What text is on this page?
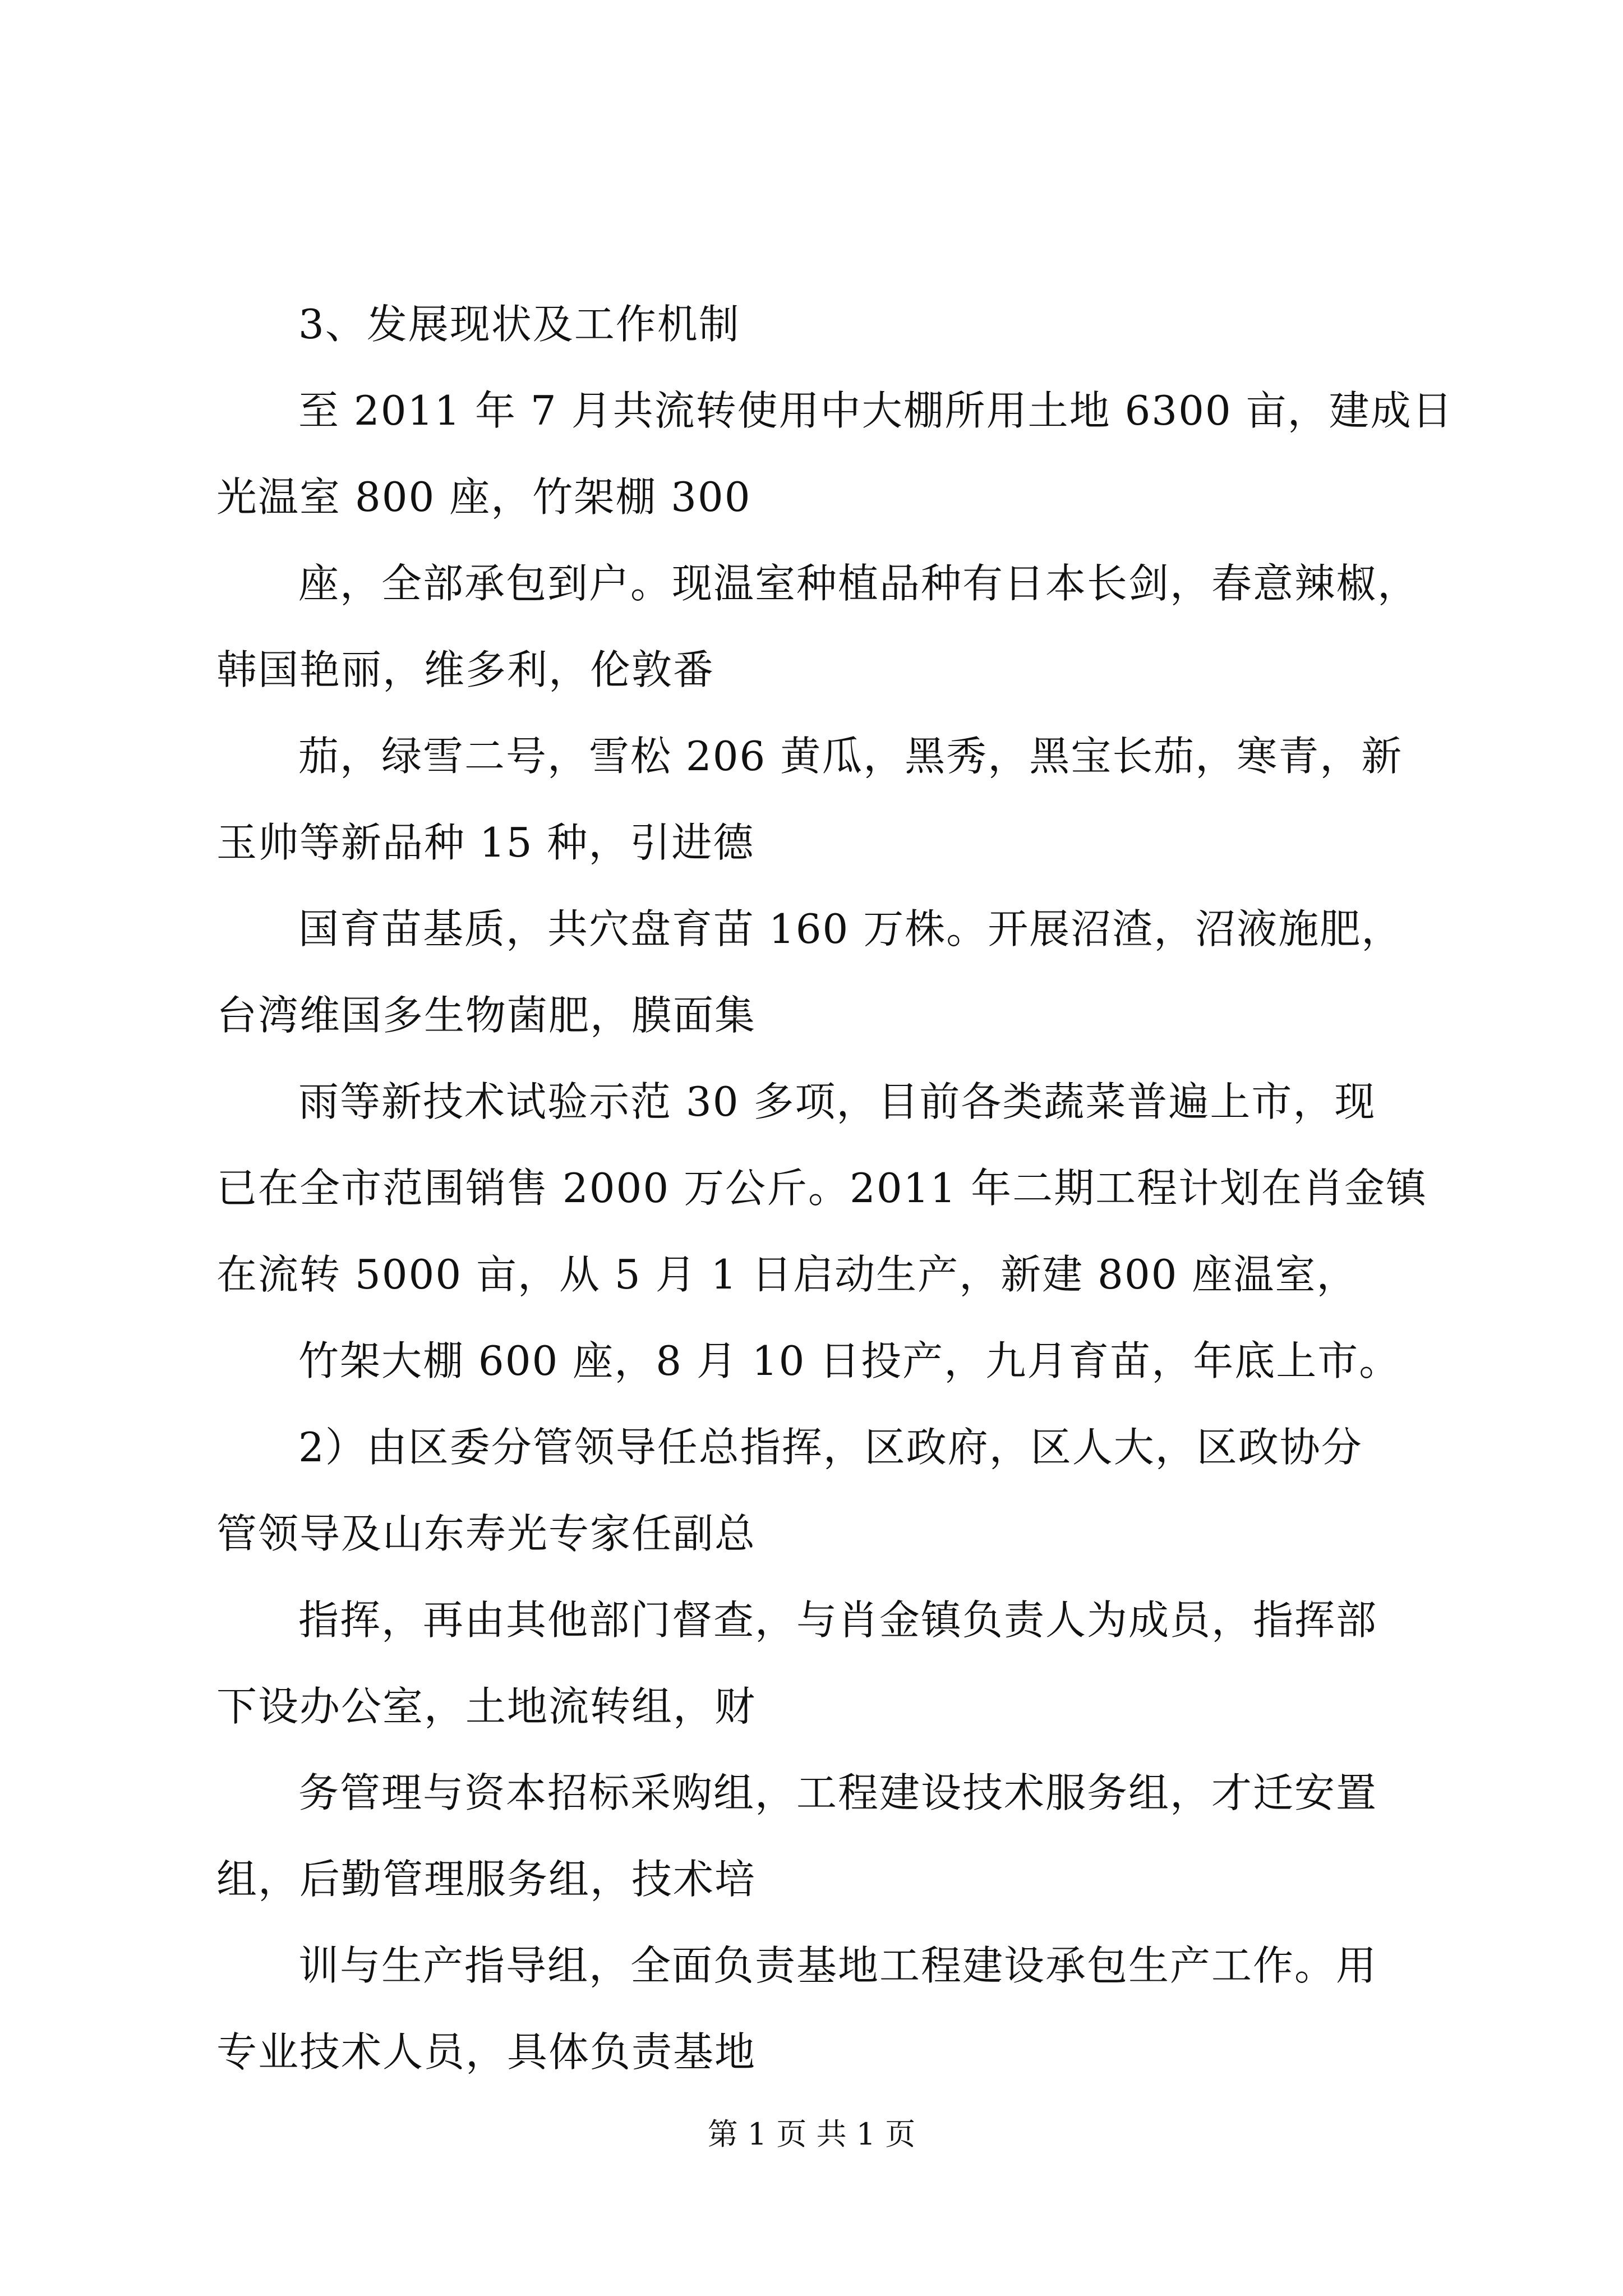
3、发展现状及工作机制
至 2011 年 7 月共流转使用中大棚所用土地 6300 亩，建成日
光温室 800 座，竹架棚 300
座，全部承包到户。现温室种植品种有日本长剑，春意辣椒，
韩国艳丽，维多利，伦敦番
茄，绿雪二号，雪松 206 黄瓜，黑秀，黑宝长茄，寒青，新
玉帅等新品种 15 种，引进德
国育苗基质，共穴盘育苗 160 万株。开展沼渣，沼液施肥，
台湾维国多生物菌肥，膜面集
雨等新技术试验示范 30 多项，目前各类蔬菜普遍上市，现
已在全市范围销售 2000 万公斤。2011 年二期工程计划在肖金镇
在流转 5000 亩，从 5 月 1 日启动生产，新建 800 座温室，
竹架大棚 600 座，8 月 10 日投产，九月育苗，年底上市。
2）由区委分管领导任总指挥，区政府，区人大，区政协分
管领导及山东寿光专家任副总
指挥，再由其他部门督查，与肖金镇负责人为成员，指挥部
下设办公室，土地流转组，财
务管理与资本招标采购组，工程建设技术服务组，才迁安置
组，后勤管理服务组，技术培
训与生产指导组，全面负责基地工程建设承包生产工作。用
专业技术人员，具体负责基地
第 1 页 共 1 页
